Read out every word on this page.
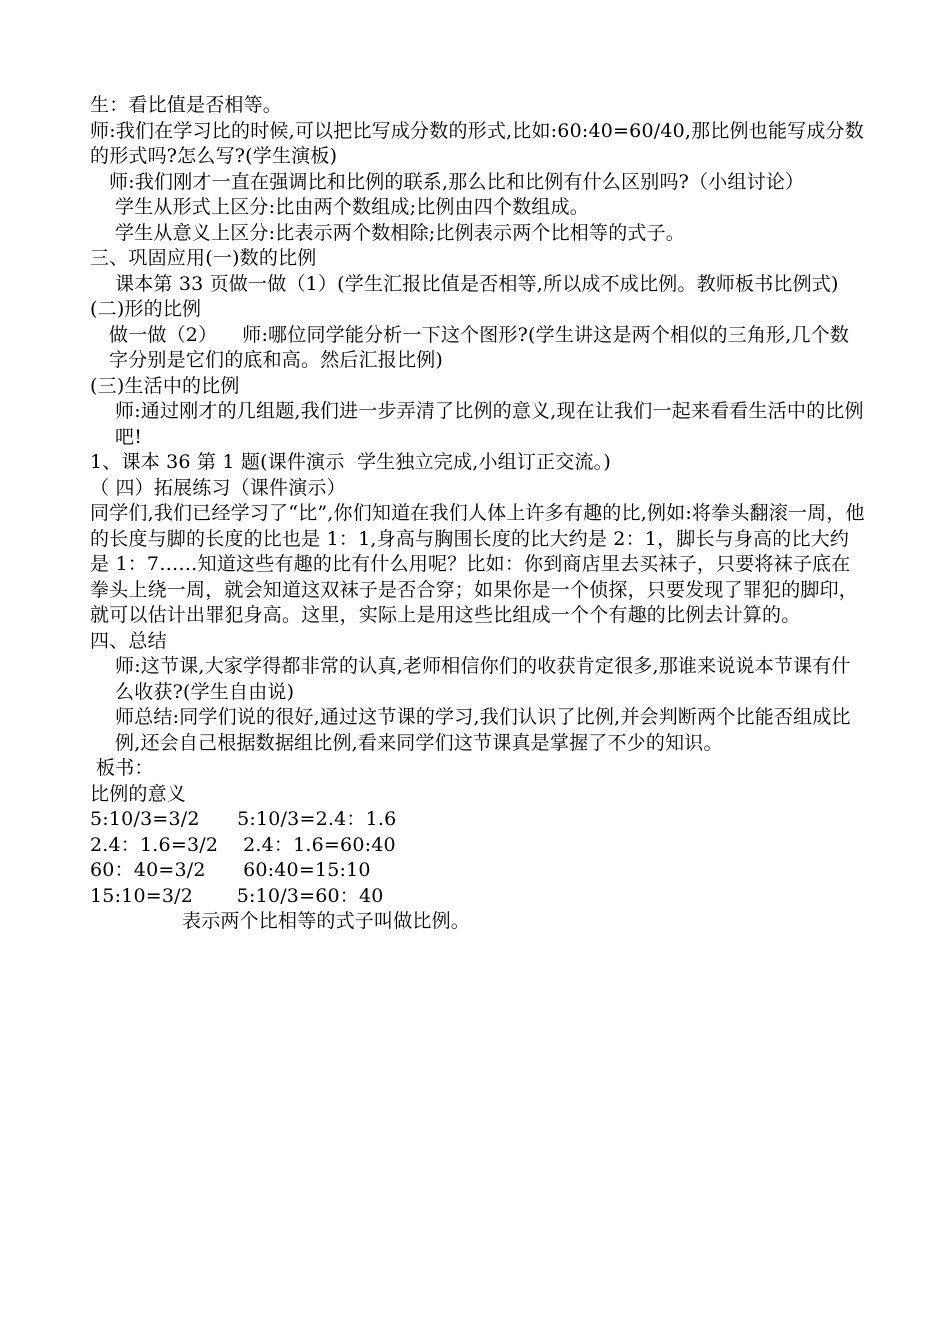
生：看比值是否相等。
师:我们在学习比的时候,可以把比写成分数的形式,比如:60:40=60/40,那比例也能写成分数的形式吗?怎么写?(学生演板)
师:我们刚才一直在强调比和比例的联系,那么比和比例有什么区别吗?（小组讨论）
学生从形式上区分:比由两个数组成;比例由四个数组成。
学生从意义上区分:比表示两个数相除;比例表示两个比相等的式子。
三、巩固应用(一)数的比例
课本第 33 页做一做（1）(学生汇报比值是否相等,所以成不成比例。教师板书比例式)
(二)形的比例
做一做（2）    师:哪位同学能分析一下这个图形?(学生讲这是两个相似的三角形,几个数字分别是它们的底和高。然后汇报比例)
(三)生活中的比例
师:通过刚才的几组题,我们进一步弄清了比例的意义,现在让我们一起来看看生活中的比例吧!
1、课本 36 第 1 题(课件演示  学生独立完成,小组订正交流。)
（ 四）拓展练习（课件演示）
同学们,我们已经学习了“比”,你们知道在我们人体上许多有趣的比,例如:将拳头翻滚一周，他的长度与脚的长度的比也是 1：1,身高与胸围长度的比大约是 2：1，脚长与身高的比大约是 1：7……知道这些有趣的比有什么用呢？比如：你到商店里去买袜子，只要将袜子底在拳头上绕一周，就会知道这双袜子是否合穿；如果你是一个侦探，只要发现了罪犯的脚印，就可以估计出罪犯身高。这里，实际上是用这些比组成一个个有趣的比例去计算的。
四、总结
师:这节课,大家学得都非常的认真,老师相信你们的收获肯定很多,那谁来说说本节课有什么收获?(学生自由说)
师总结:同学们说的很好,通过这节课的学习,我们认识了比例,并会判断两个比能否组成比例,还会自己根据数据组比例,看来同学们这节课真是掌握了不少的知识。
板书：
比例的意义
5:10/3=3/2      5:10/3=2.4：1.6
2.4：1.6=3/2    2.4：1.6=60:40
60：40=3/2      60:40=15:10
15:10=3/2       5:10/3=60：40
表示两个比相等的式子叫做比例。
